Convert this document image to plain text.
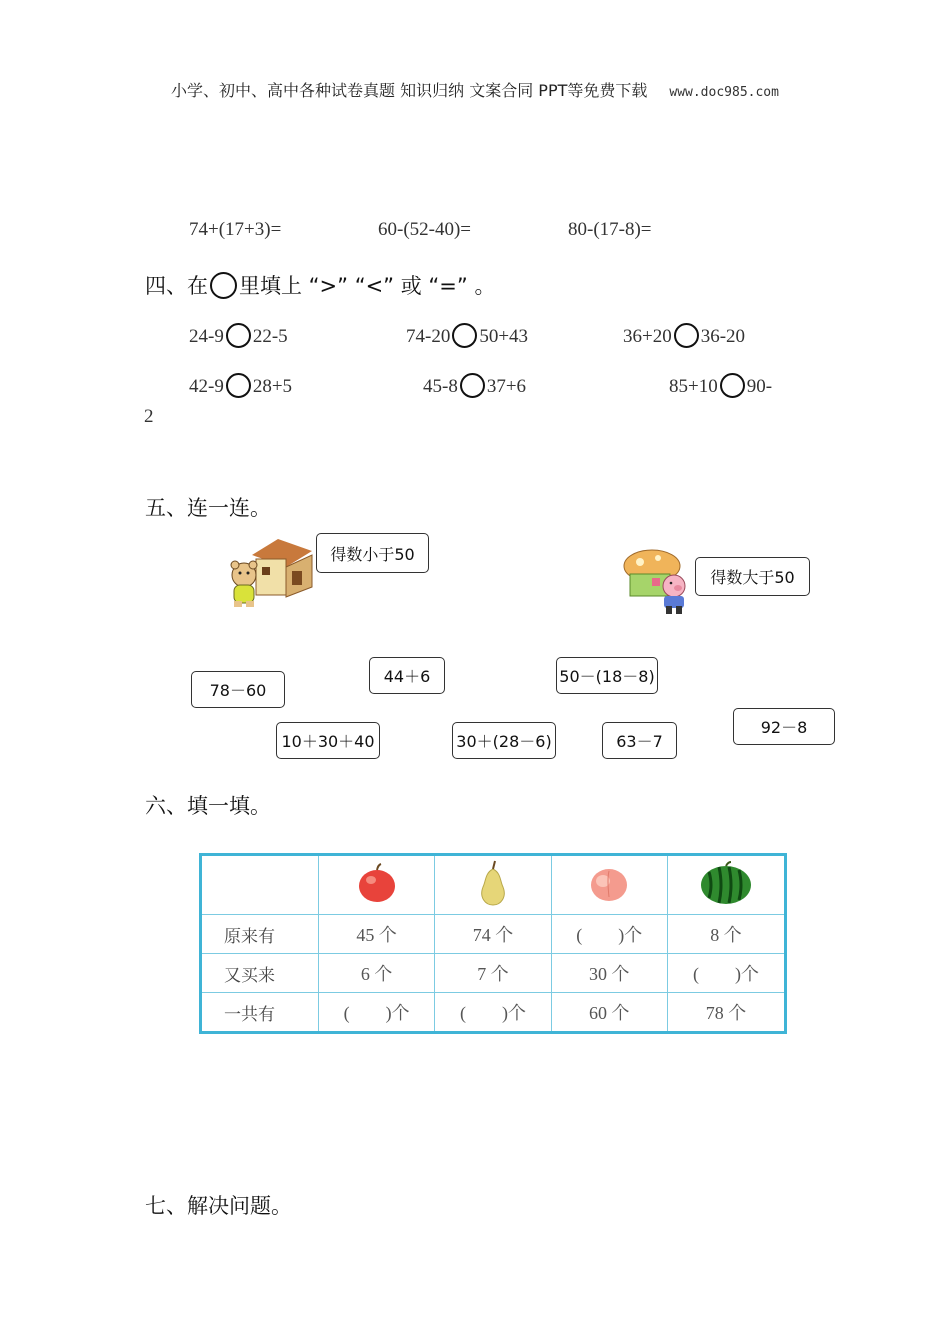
小学、初中、高中各种试卷真题 知识归纳 文案合同 PPT等免费下载 www.doc985.com
74+(17+3)=	60-(52-40)=	80-(17-8)=
四、在 里填上 “>” “<” 或 “=” 。
24-9 22-5	74-20 50+43	36+20 36-20
42-9 28+5	45-8 37+6	85+10 90-
2
五、连一连。
得数小于50
得数大于50
78－60
44＋6	50－(18－8)
10＋30＋40	30＋(28－6)	63－7
92－8
六、填一填。

原来有	45 个	74 个	(　　)个	8 个
又买来	6 个	7 个	30 个	(　　)个
一共有	(　　)个	(　　)个	60 个	78 个
七、解决问题。
